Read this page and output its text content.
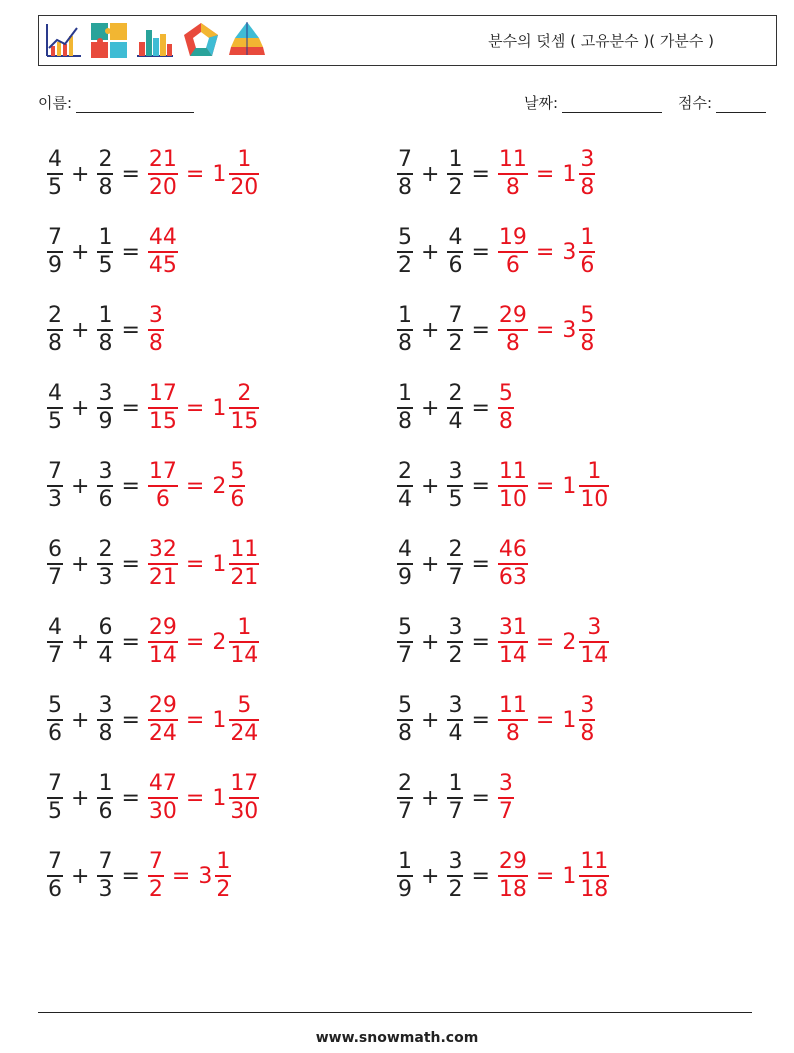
분수의 덧셈 ( 고유분수 )( 가분수 )
이름:	날짜:	점수:
$\frac{4}{5} + \frac{2}{8} = \frac{21}{20} = 1 \frac{1}{20}$	$\frac{7}{8} + \frac{1}{2} = \frac{11}{8} = 1 \frac{3}{8}$
$\frac{7}{9} + \frac{1}{5} = \frac{44}{45}$	$\frac{5}{2} + \frac{4}{6} = \frac{19}{6} = 3 \frac{1}{6}$
$\frac{2}{8} + \frac{1}{8} = \frac{3}{8}$	$\frac{1}{8} + \frac{7}{2} = \frac{29}{8} = 3 \frac{5}{8}$
$\frac{4}{5} + \frac{3}{9} = \frac{17}{15} = 1 \frac{2}{15}$	$\frac{1}{8} + \frac{2}{4} = \frac{5}{8}$
$\frac{7}{3} + \frac{3}{6} = \frac{17}{6} = 2 \frac{5}{6}$	$\frac{2}{4} + \frac{3}{5} = \frac{11}{10} = 1 \frac{1}{10}$
$\frac{6}{7} + \frac{2}{3} = \frac{32}{21} = 1 \frac{11}{21}$	$\frac{4}{9} + \frac{2}{7} = \frac{46}{63}$
$\frac{4}{7} + \frac{6}{4} = \frac{29}{14} = 2 \frac{1}{14}$	$\frac{5}{7} + \frac{3}{2} = \frac{31}{14} = 2 \frac{3}{14}$
$\frac{5}{6} + \frac{3}{8} = \frac{29}{24} = 1 \frac{5}{24}$	$\frac{5}{8} + \frac{3}{4} = \frac{11}{8} = 1 \frac{3}{8}$
$\frac{7}{5} + \frac{1}{6} = \frac{47}{30} = 1 \frac{17}{30}$	$\frac{2}{7} + \frac{1}{7} = \frac{3}{7}$
$\frac{7}{6} + \frac{7}{3} = \frac{7}{2} = 3 \frac{1}{2}$	$\frac{1}{9} + \frac{3}{2} = \frac{29}{18} = 1 \frac{11}{18}$
www.snowmath.com
